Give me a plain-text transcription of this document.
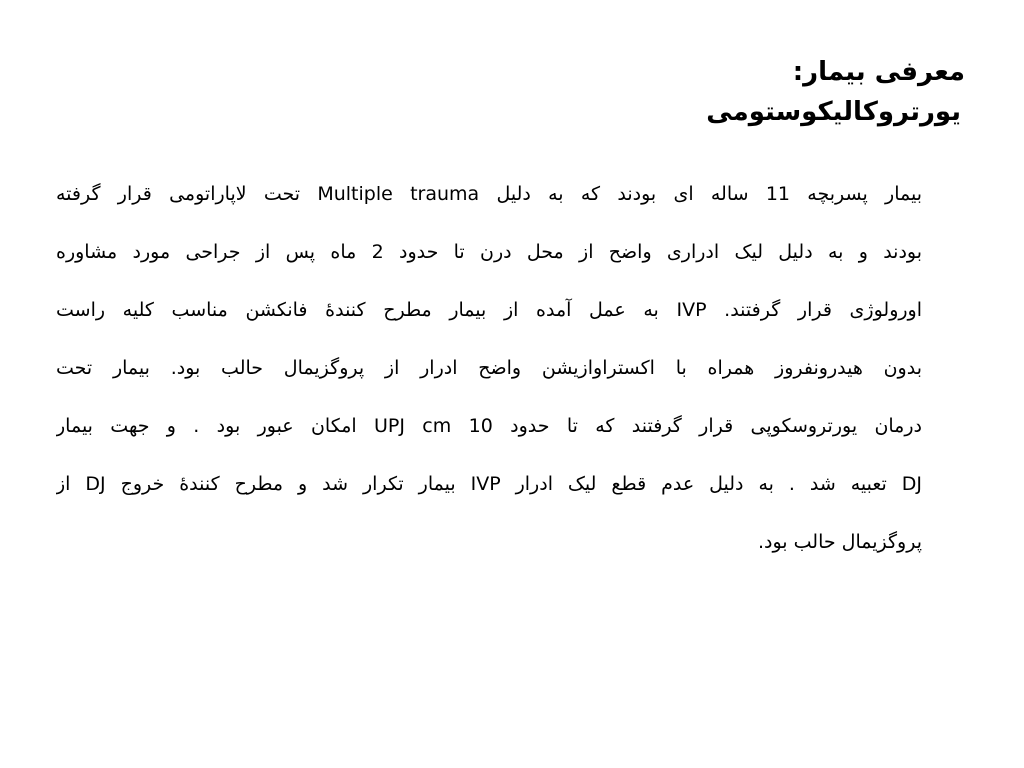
معرفی بیمار:
یورتروکالیکوستومی
بیمار پسربچه 11 ساله ای بودند که به دلیل Multiple trauma تحت لاپاراتومی قرار گرفته
بودند و به دلیل لیک ادراری واضح از محل درن تا حدود 2 ماه پس از جراحی مورد مشاوره
اورولوژی قرار گرفتند. IVP به عمل آمده از بیمار مطرح کنندهٔ فانکشن مناسب کلیه راست
بدون هیدرونفروز همراه با اکستراوازیشن واضح ادرار از پروگزیمال حالب بود. بیمار تحت
درمان یورتروسکوپی قرار گرفتند که تا حدود 10 UPJ cm امکان عبور بود . و جهت بیمار
DJ تعبیه شد . به دلیل عدم قطع لیک ادرار IVP بیمار تکرار شد و مطرح کنندهٔ خروج DJ از
پروگزیمال حالب بود.
